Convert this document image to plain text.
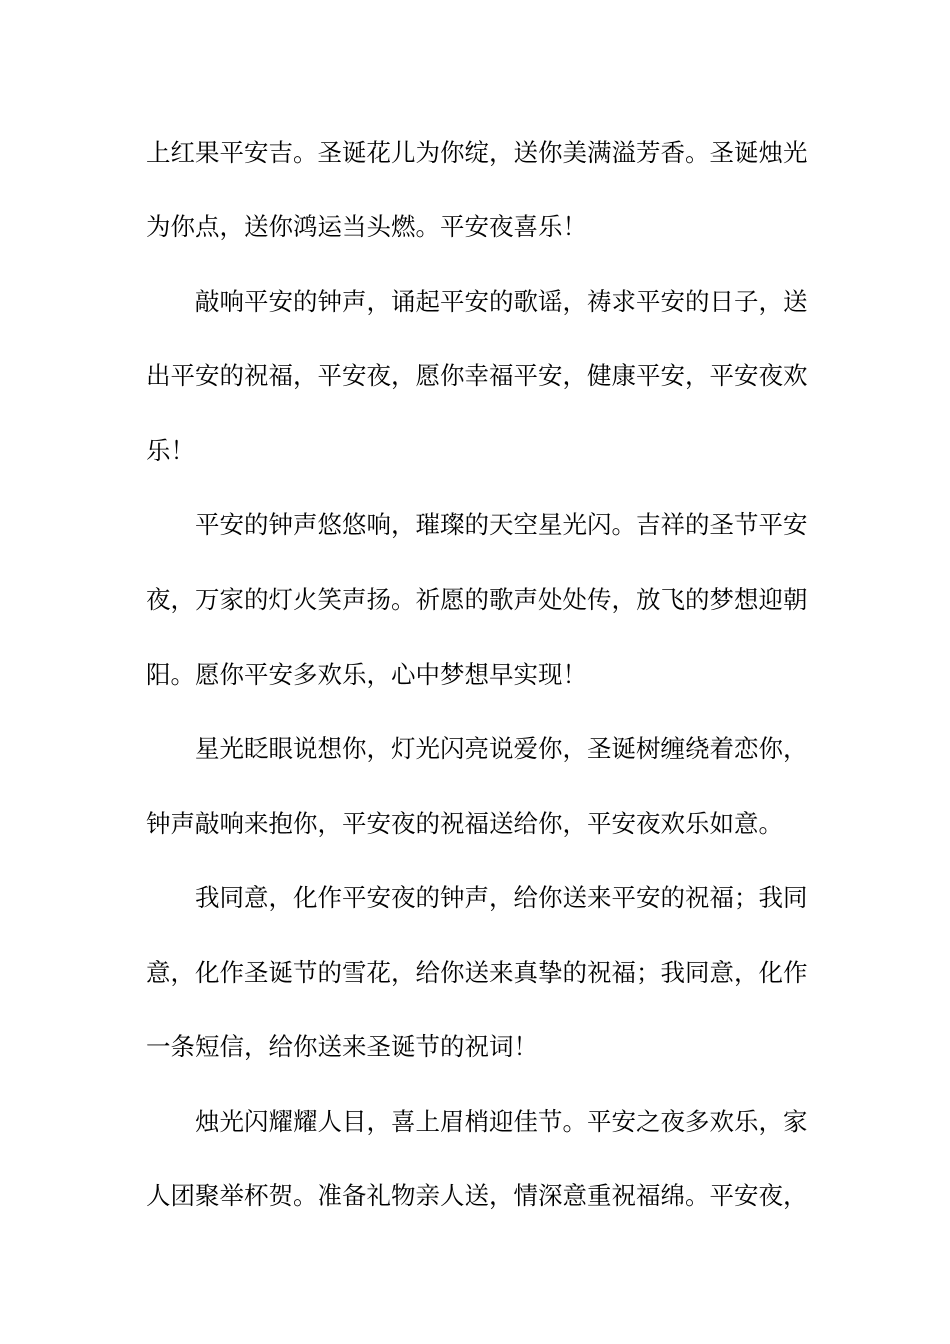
上红果平安吉。圣诞花儿为你绽，送你美满溢芳香。圣诞烛光
为你点，送你鸿运当头燃。平安夜喜乐！
敲响平安的钟声，诵起平安的歌谣，祷求平安的日子，送
出平安的祝福，平安夜，愿你幸福平安，健康平安，平安夜欢
乐！
平安的钟声悠悠响，璀璨的天空星光闪。吉祥的圣节平安
夜，万家的灯火笑声扬。祈愿的歌声处处传，放飞的梦想迎朝
阳。愿你平安多欢乐，心中梦想早实现！
星光眨眼说想你，灯光闪亮说爱你，圣诞树缠绕着恋你，
钟声敲响来抱你，平安夜的祝福送给你，平安夜欢乐如意。
我同意，化作平安夜的钟声，给你送来平安的祝福；我同
意，化作圣诞节的雪花，给你送来真挚的祝福；我同意，化作
一条短信，给你送来圣诞节的祝词！
烛光闪耀耀人目，喜上眉梢迎佳节。平安之夜多欢乐，家
人团聚举杯贺。准备礼物亲人送，情深意重祝福绵。平安夜，
